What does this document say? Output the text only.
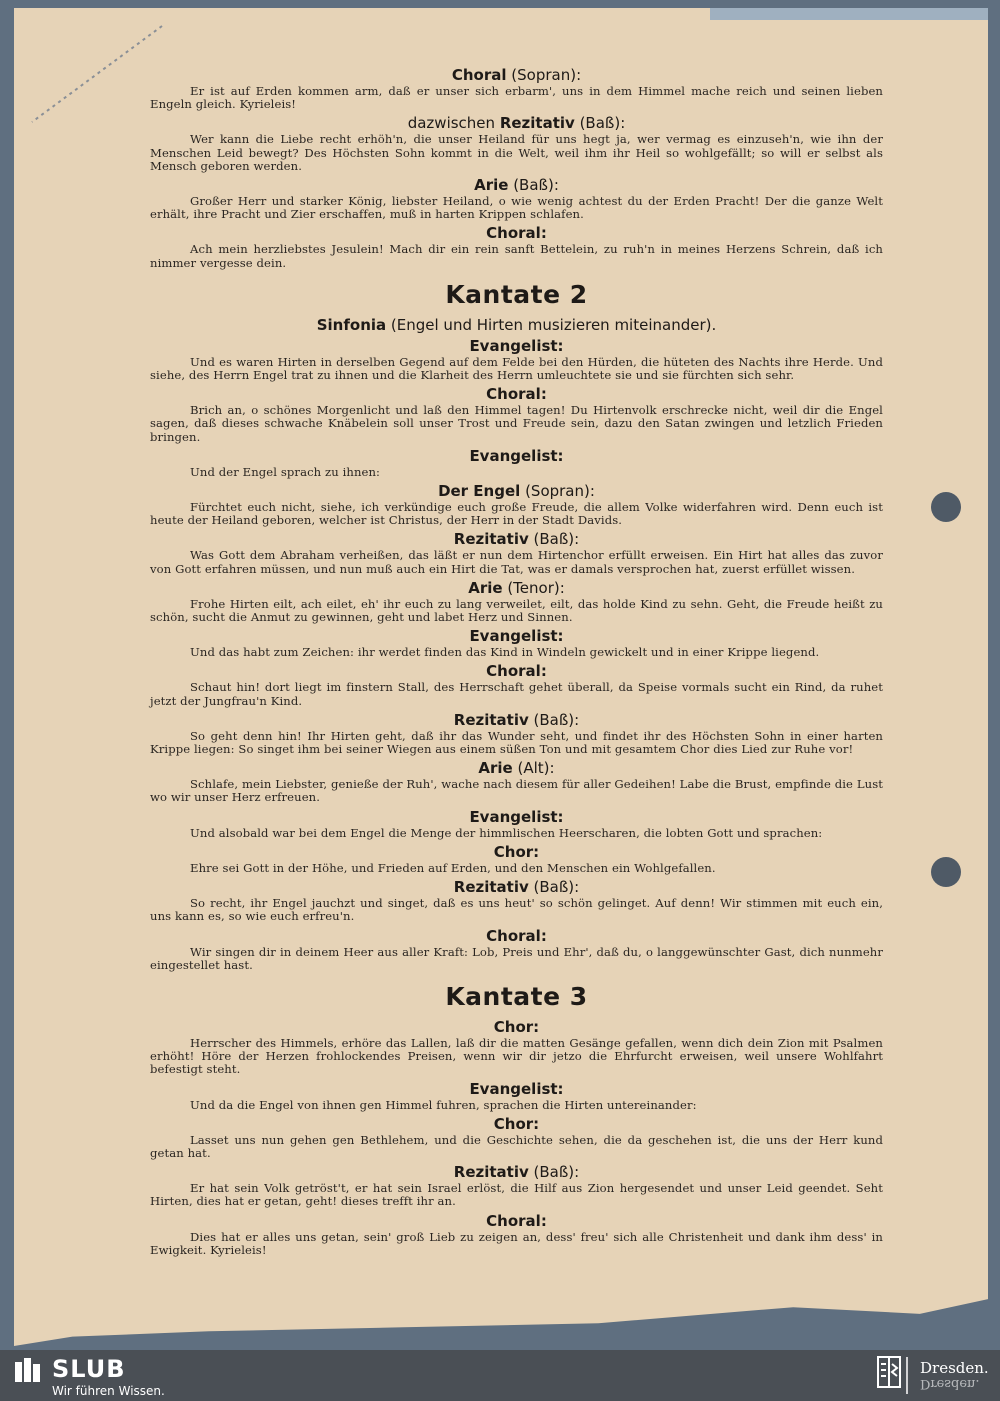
Choral (Sopran):

Er ist auf Erden kommen arm, daß er unser sich erbarm', uns in dem Himmel mache reich und seinen lieben Engeln gleich. Kyrieleis!

dazwischen Rezitativ (Baß):

Wer kann die Liebe recht erhöh'n, die unser Heiland für uns hegt ja, wer vermag es einzuseh'n, wie ihn der Menschen Leid bewegt? Des Höchsten Sohn kommt in die Welt, weil ihm ihr Heil so wohlgefällt; so will er selbst als Mensch geboren werden.

Arie (Baß):

Großer Herr und starker König, liebster Heiland, o wie wenig achtest du der Erden Pracht! Der die ganze Welt erhält, ihre Pracht und Zier erschaffen, muß in harten Krippen schlafen.

Choral:

Ach mein herzliebstes Jesulein! Mach dir ein rein sanft Bettelein, zu ruh'n in meines Herzens Schrein, daß ich nimmer vergesse dein.

Kantate 2
Sinfonia (Engel und Hirten musizieren miteinander).
Evangelist:

Und es waren Hirten in derselben Gegend auf dem Felde bei den Hürden, die hüteten des Nachts ihre Herde. Und siehe, des Herrn Engel trat zu ihnen und die Klarheit des Herrn umleuchtete sie und sie fürchten sich sehr.

Choral:

Brich an, o schönes Morgenlicht und laß den Himmel tagen! Du Hirtenvolk erschrecke nicht, weil dir die Engel sagen, daß dieses schwache Knäbelein soll unser Trost und Freude sein, dazu den Satan zwingen und letzlich Frieden bringen.

Evangelist:

Und der Engel sprach zu ihnen:

Der Engel (Sopran):

Fürchtet euch nicht, siehe, ich verkündige euch große Freude, die allem Volke widerfahren wird. Denn euch ist heute der Heiland geboren, welcher ist Christus, der Herr in der Stadt Davids.

Rezitativ (Baß):

Was Gott dem Abraham verheißen, das läßt er nun dem Hirtenchor erfüllt erweisen. Ein Hirt hat alles das zuvor von Gott erfahren müssen, und nun muß auch ein Hirt die Tat, was er damals versprochen hat, zuerst erfüllet wissen.

Arie (Tenor):

Frohe Hirten eilt, ach eilet, eh' ihr euch zu lang verweilet, eilt, das holde Kind zu sehn. Geht, die Freude heißt zu schön, sucht die Anmut zu gewinnen, geht und labet Herz und Sinnen.

Evangelist:

Und das habt zum Zeichen: ihr werdet finden das Kind in Windeln gewickelt und in einer Krippe liegend.

Choral:

Schaut hin! dort liegt im finstern Stall, des Herrschaft gehet überall, da Speise vormals sucht ein Rind, da ruhet jetzt der Jungfrau'n Kind.

Rezitativ (Baß):

So geht denn hin! Ihr Hirten geht, daß ihr das Wunder seht, und findet ihr des Höchsten Sohn in einer harten Krippe liegen: So singet ihm bei seiner Wiegen aus einem süßen Ton und mit gesamtem Chor dies Lied zur Ruhe vor!

Arie (Alt):

Schlafe, mein Liebster, genieße der Ruh', wache nach diesem für aller Gedeihen! Labe die Brust, empfinde die Lust wo wir unser Herz erfreuen.

Evangelist:

Und alsobald war bei dem Engel die Menge der himmlischen Heerscharen, die lobten Gott und sprachen:

Chor:

Ehre sei Gott in der Höhe, und Frieden auf Erden, und den Menschen ein Wohlgefallen.

Rezitativ (Baß):

So recht, ihr Engel jauchzt und singet, daß es uns heut' so schön gelinget. Auf denn! Wir stimmen mit euch ein, uns kann es, so wie euch erfreu'n.

Choral:

Wir singen dir in deinem Heer aus aller Kraft: Lob, Preis und Ehr', daß du, o langgewünschter Gast, dich nunmehr eingestellet hast.

Kantate 3
Chor:

Herrscher des Himmels, erhöre das Lallen, laß dir die matten Gesänge gefallen, wenn dich dein Zion mit Psalmen erhöht! Höre der Herzen frohlockendes Preisen, wenn wir dir jetzo die Ehrfurcht erweisen, weil unsere Wohlfahrt befestigt steht.

Evangelist:

Und da die Engel von ihnen gen Himmel fuhren, sprachen die Hirten untereinander:

Chor:

Lasset uns nun gehen gen Bethlehem, und die Geschichte sehen, die da geschehen ist, die uns der Herr kund getan hat.

Rezitativ (Baß):

Er hat sein Volk getröst't, er hat sein Israel erlöst, die Hilf aus Zion hergesendet und unser Leid geendet. Seht Hirten, dies hat er getan, geht! dieses trefft ihr an.

Choral:

Dies hat er alles uns getan, sein' groß Lieb zu zeigen an, dess' freu' sich alle Christenheit und dank ihm dess' in Ewigkeit. Kyrieleis!

SLUB
Wir führen Wissen.
Dresden.
Dresden.
